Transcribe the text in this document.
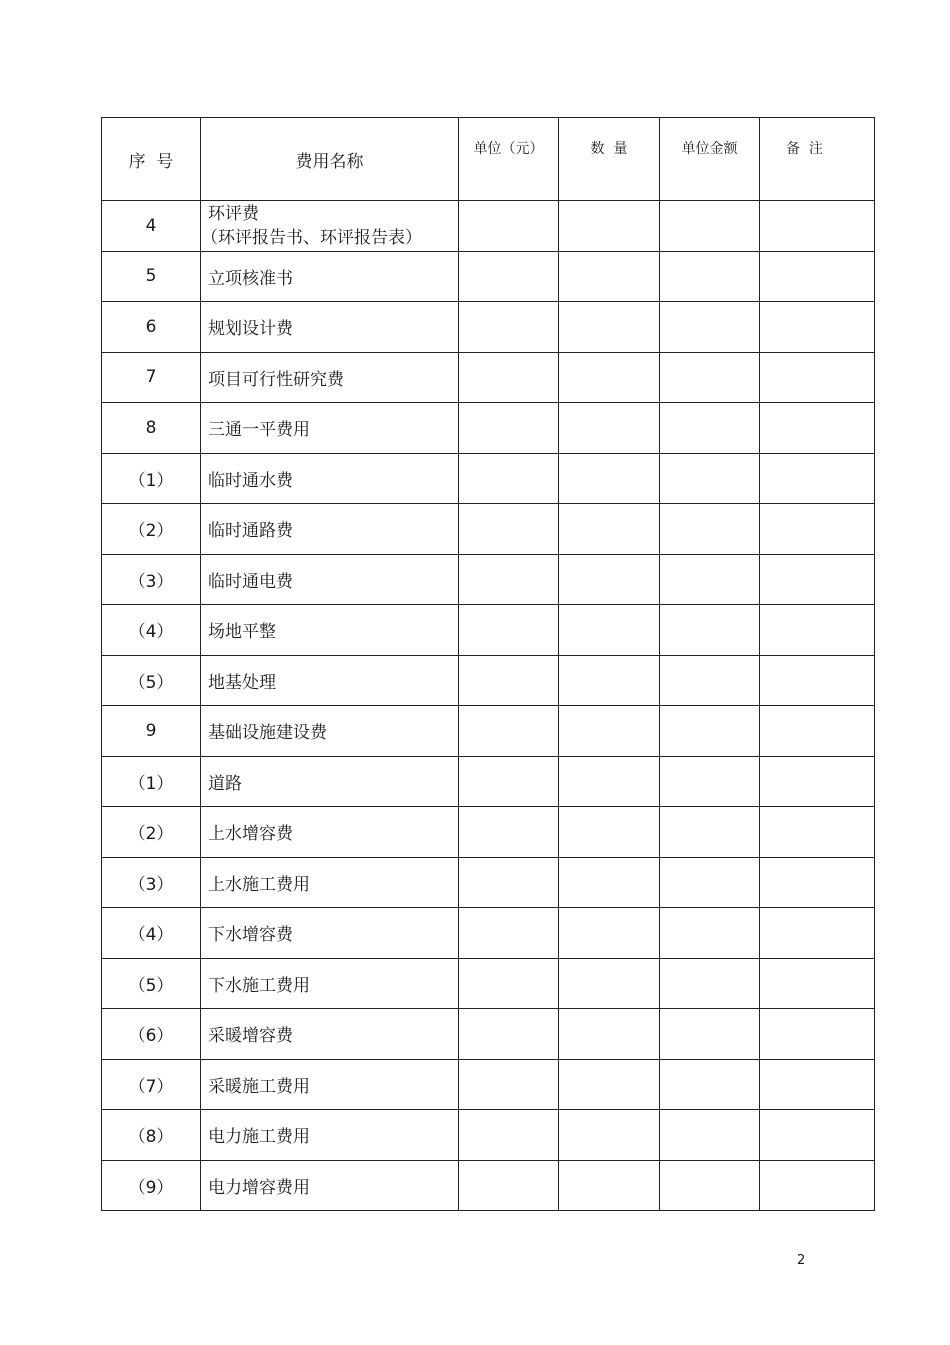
序  号	费用名称	单位（元）	数  量	单位金额	备  注
4	环评费
（环评报告书、环评报告表）				

5	立项核准书				
6	规划设计费				
7	项目可行性研究费				
8	三通一平费用				
（1）	临时通水费				
（2）	临时通路费				
（3）	临时通电费				
（4）	场地平整				
（5）	地基处理				
9	基础设施建设费				
（1）	道路				
（2）	上水增容费				
（3）	上水施工费用				
（4）	下水增容费				
（5）	下水施工费用				
（6）	采暖增容费				
（7）	采暖施工费用				
（8）	电力施工费用				
（9）	电力增容费用				
2
